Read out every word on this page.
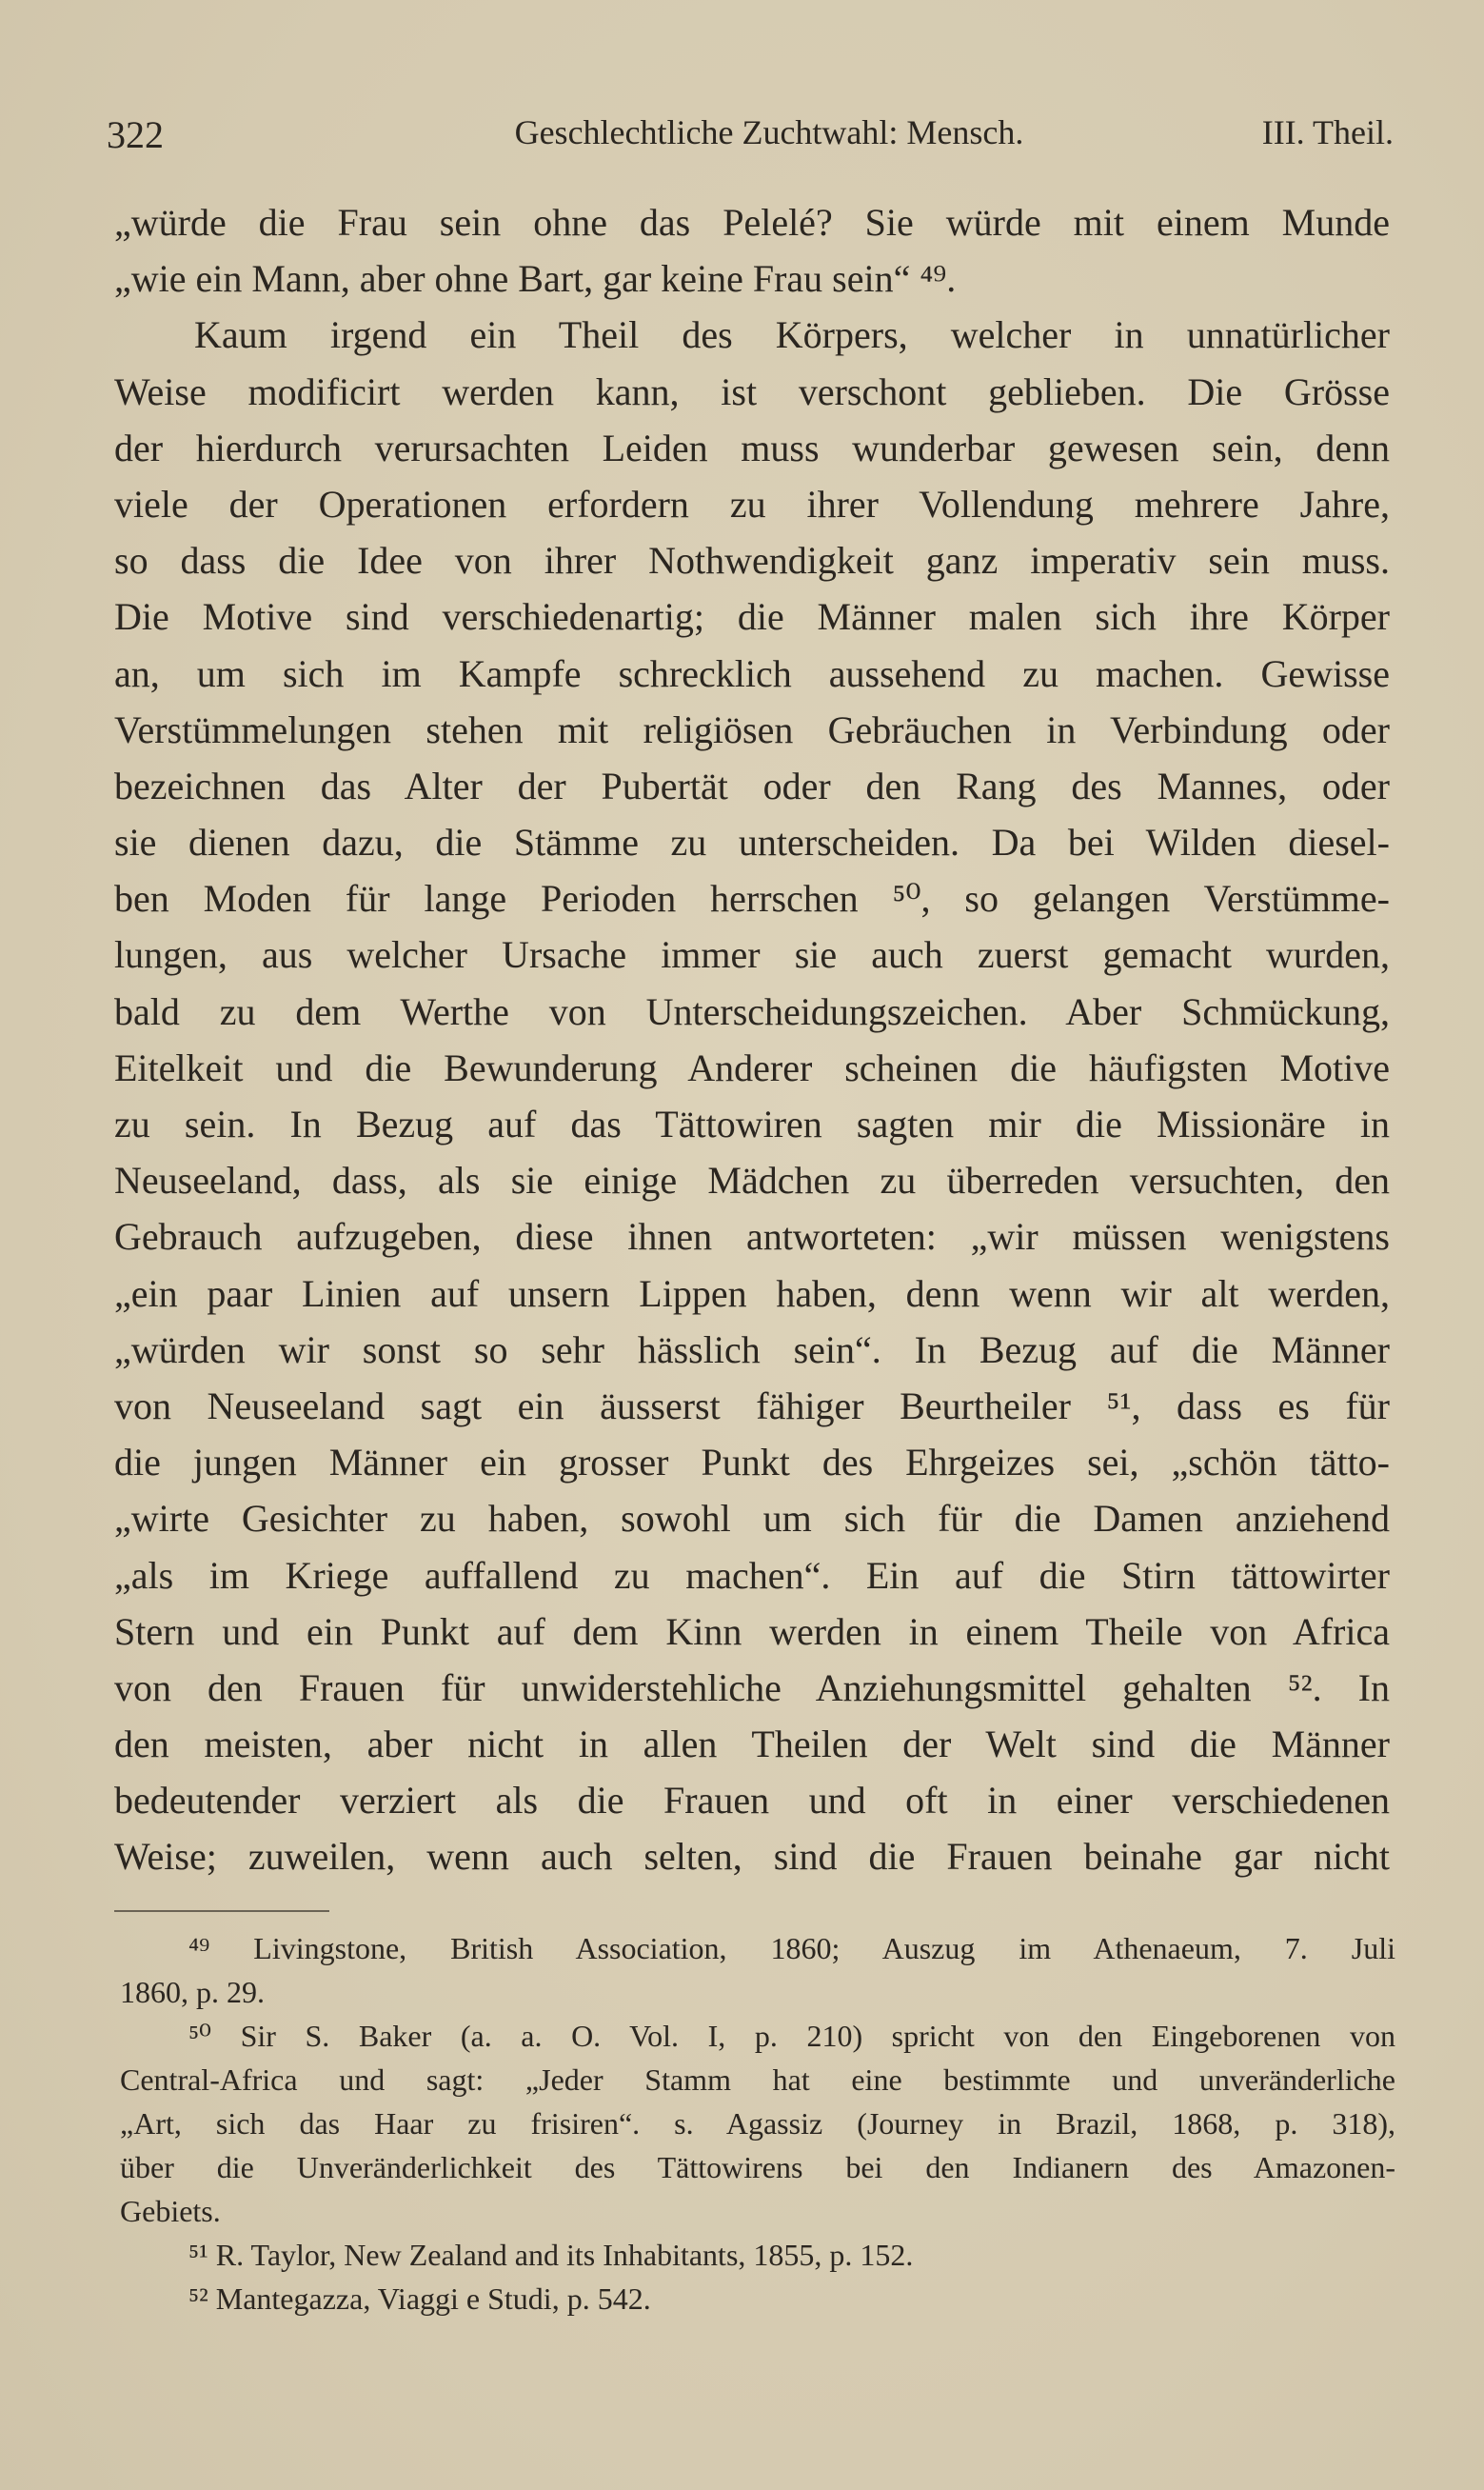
322	Geschlechtliche Zuchtwahl: Mensch.	III. Theil.
„würde die Frau sein ohne das Pelelé? Sie würde mit einem Munde
„wie ein Mann, aber ohne Bart, gar keine Frau sein“ ⁴⁹.
Kaum irgend ein Theil des Körpers, welcher in unnatürlicher
Weise modificirt werden kann, ist verschont geblieben. Die Grösse
der hierdurch verursachten Leiden muss wunderbar gewesen sein, denn
viele der Operationen erfordern zu ihrer Vollendung mehrere Jahre,
so dass die Idee von ihrer Nothwendigkeit ganz imperativ sein muss.
Die Motive sind verschiedenartig; die Männer malen sich ihre Körper
an, um sich im Kampfe schrecklich aussehend zu machen. Gewisse
Verstümmelungen stehen mit religiösen Gebräuchen in Verbindung oder
bezeichnen das Alter der Pubertät oder den Rang des Mannes, oder
sie dienen dazu, die Stämme zu unterscheiden. Da bei Wilden diesel-
ben Moden für lange Perioden herrschen ⁵⁰, so gelangen Verstümme-
lungen, aus welcher Ursache immer sie auch zuerst gemacht wurden,
bald zu dem Werthe von Unterscheidungszeichen. Aber Schmückung,
Eitelkeit und die Bewunderung Anderer scheinen die häufigsten Motive
zu sein. In Bezug auf das Tättowiren sagten mir die Missionäre in
Neuseeland, dass, als sie einige Mädchen zu überreden versuchten, den
Gebrauch aufzugeben, diese ihnen antworteten: „wir müssen wenigstens
„ein paar Linien auf unsern Lippen haben, denn wenn wir alt werden,
„würden wir sonst so sehr hässlich sein“. In Bezug auf die Männer
von Neuseeland sagt ein äusserst fähiger Beurtheiler ⁵¹, dass es für
die jungen Männer ein grosser Punkt des Ehrgeizes sei, „schön tätto-
„wirte Gesichter zu haben, sowohl um sich für die Damen anziehend
„als im Kriege auffallend zu machen“. Ein auf die Stirn tättowirter
Stern und ein Punkt auf dem Kinn werden in einem Theile von Africa
von den Frauen für unwiderstehliche Anziehungsmittel gehalten ⁵². In
den meisten, aber nicht in allen Theilen der Welt sind die Männer
bedeutender verziert als die Frauen und oft in einer verschiedenen
Weise; zuweilen, wenn auch selten, sind die Frauen beinahe gar nicht
⁴⁹ Livingstone, British Association, 1860; Auszug im Athenaeum, 7. Juli
1860, p. 29.
⁵⁰ Sir S. Baker (a. a. O. Vol. I, p. 210) spricht von den Eingeborenen von
Central-Africa und sagt: „Jeder Stamm hat eine bestimmte und unveränderliche
„Art, sich das Haar zu frisiren“. s. Agassiz (Journey in Brazil, 1868, p. 318),
über die Unveränderlichkeit des Tättowirens bei den Indianern des Amazonen-
Gebiets.
⁵¹ R. Taylor, New Zealand and its Inhabitants, 1855, p. 152.
⁵² Mantegazza, Viaggi e Studi, p. 542.
